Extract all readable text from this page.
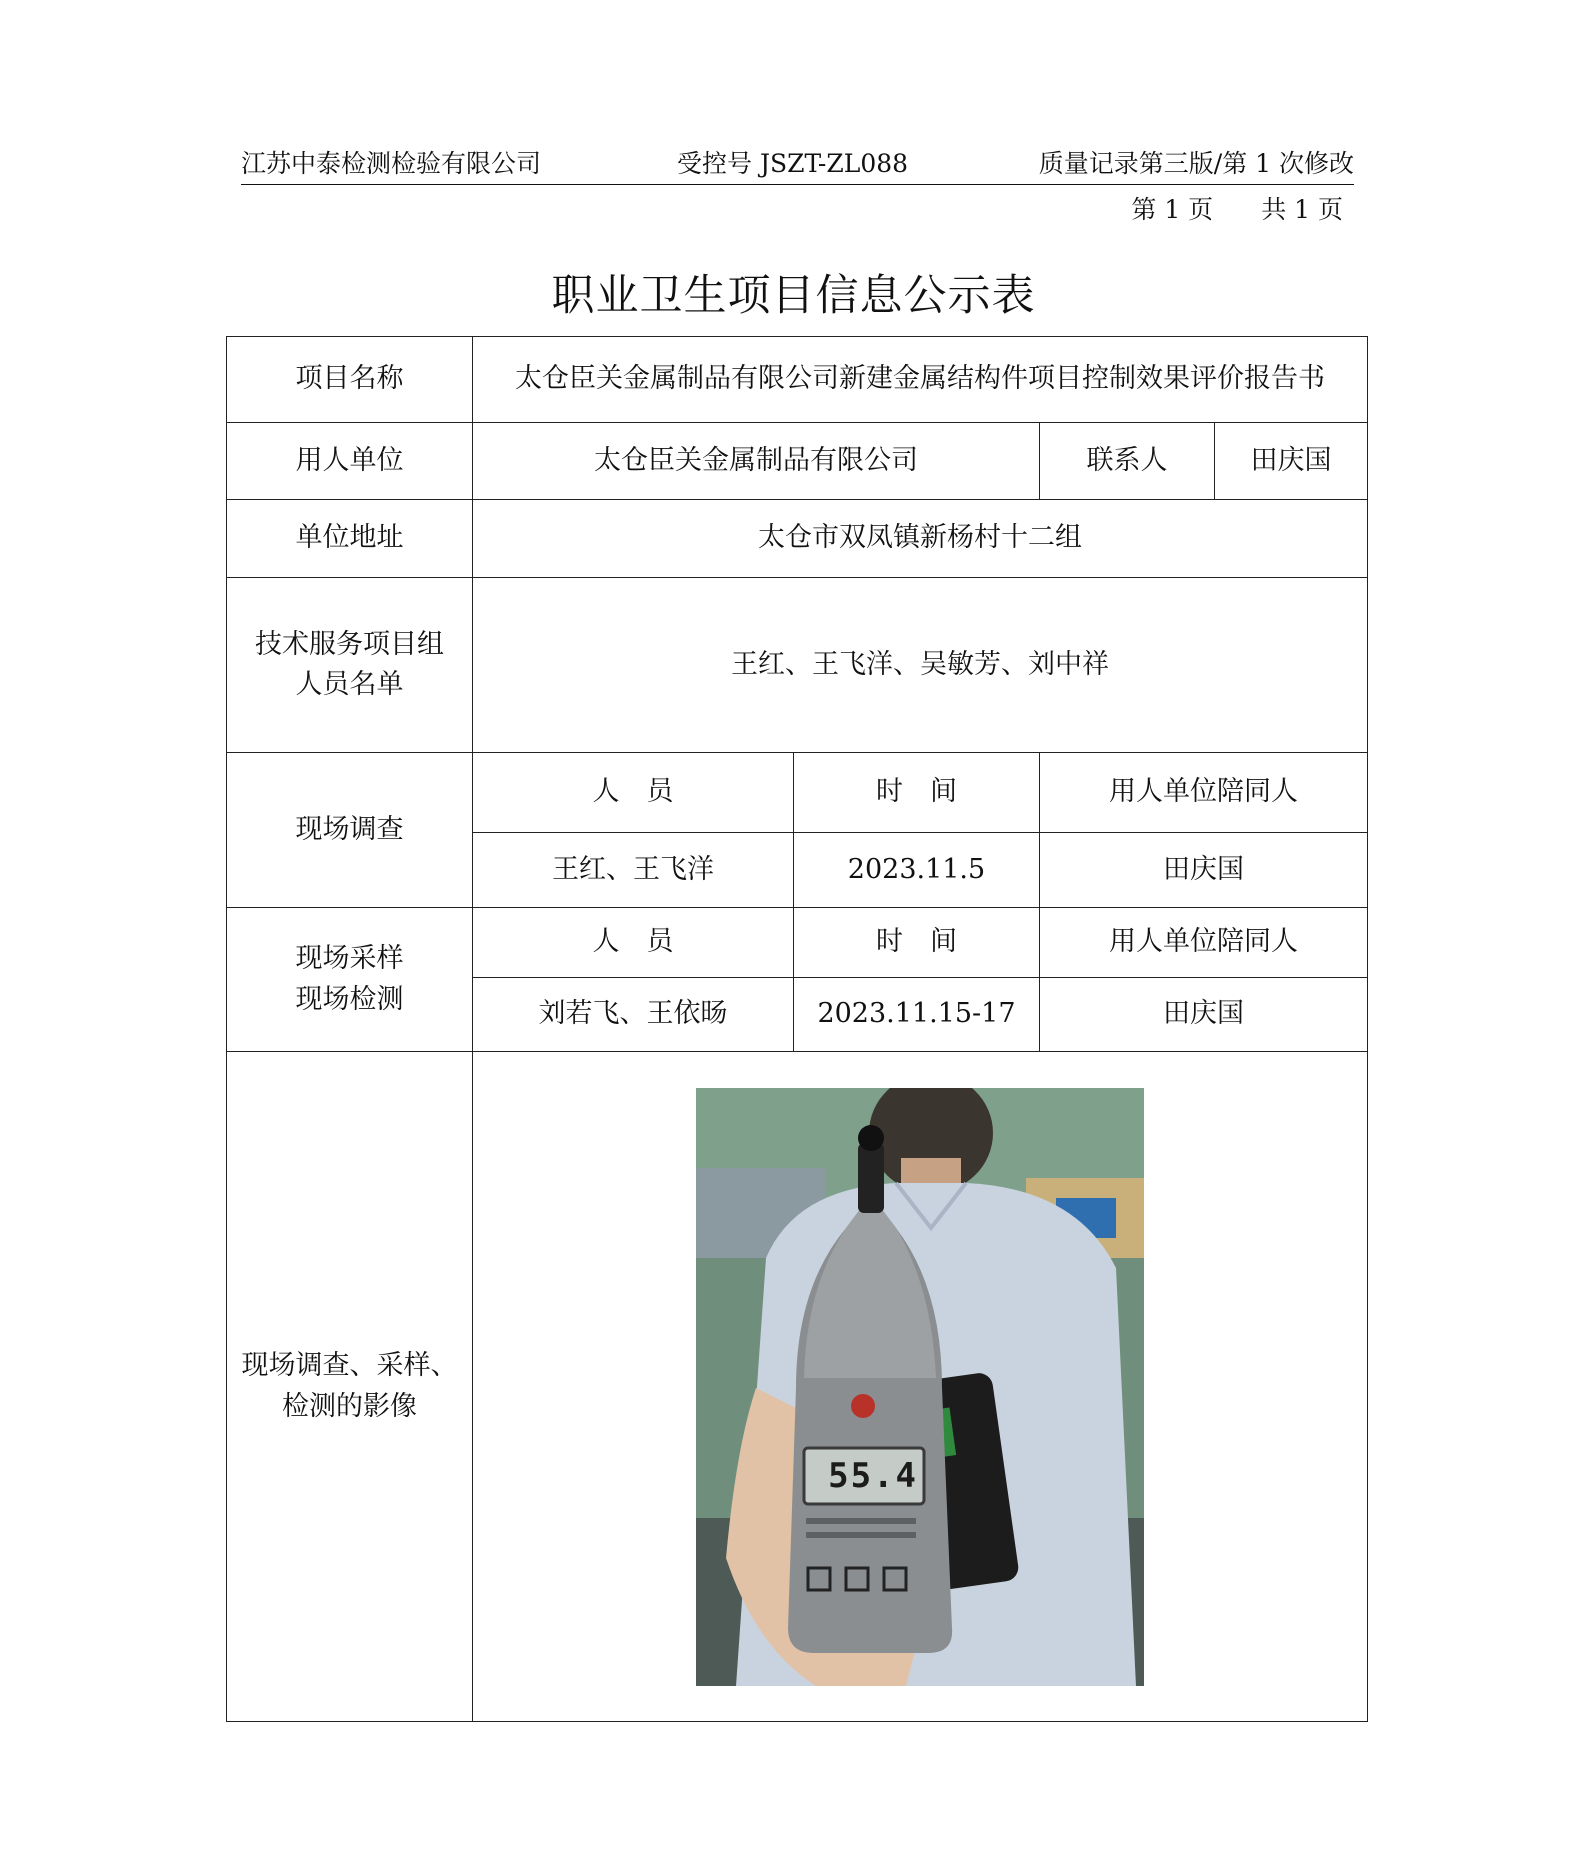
江苏中泰检测检验有限公司	受控号 JSZT-ZL088	质量记录第三版/第 1 次修改
第 1 页 共 1 页
职业卫生项目信息公示表
项目名称	太仓臣关金属制品有限公司新建金属结构件项目控制效果评价报告书			
用人单位	太仓臣关金属制品有限公司		联系人	田庆国
单位地址	太仓市双凤镇新杨村十二组			

技术服务项目组
人员名单	王红、王飞洋、吴敏芳、刘中祥			
现场调查	人　员	时　间	用人单位陪同人	
	王红、王飞洋	2023.11.5	田庆国	

现场采样
现场检测	人　员	时　间	用人单位陪同人	
	刘若飞、王依旸	2023.11.15-17	田庆国	

现场调查、采样、
检测的影像	55.4			
